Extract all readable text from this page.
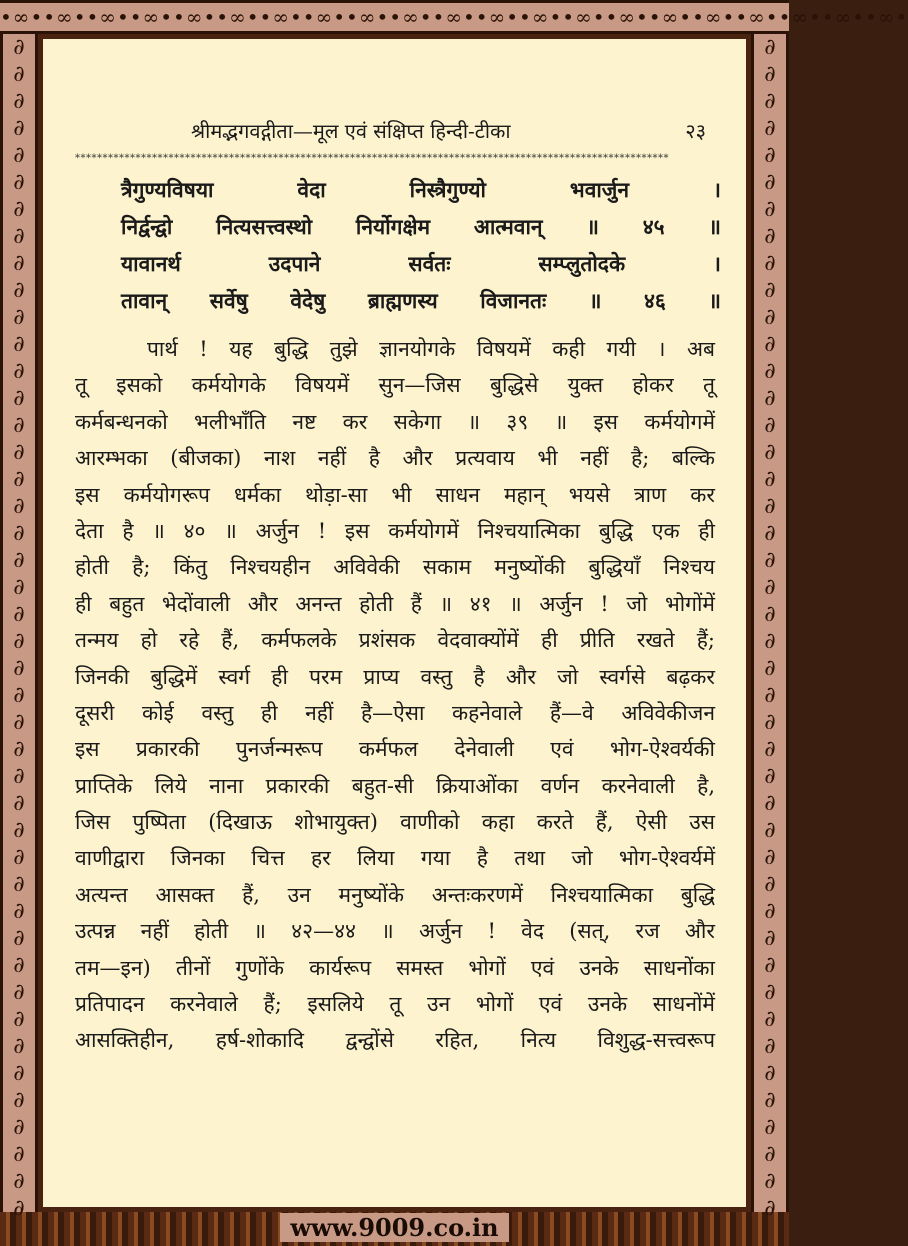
•∞••∞••∞••∞••∞••∞••∞••∞••∞••∞••∞••∞••∞••∞••∞••∞••∞••∞••∞••∞••∞•
∂
∂
∂
∂
∂
∂
∂
∂
∂
∂
∂
∂
∂
∂
∂
∂
∂
∂
∂
∂
∂
∂
∂
∂
∂
∂
∂
∂
∂
∂
∂
∂
∂
∂
∂
∂
∂
∂
∂
∂
∂
∂
∂
∂
∂
∂
∂
∂
∂
∂
∂
∂
∂
∂
∂
∂
∂
∂
∂
∂
∂
∂
∂
∂
∂
∂
∂
∂
∂
∂
∂
∂
∂
∂
∂
∂
∂
∂
∂
∂
∂
∂
∂
∂
∂
∂
∂
∂
श्रीमद्भगवद्गीता—मूल एवं संक्षिप्त हिन्दी-टीका	२३
************************************************************************************************************
त्रैगुण्यविषया वेदा निस्त्रैगुण्यो भवार्जुन ।
निर्द्वन्द्वो नित्यसत्त्वस्थो निर्योगक्षेम आत्मवान् ॥ ४५ ॥
यावानर्थ उदपाने सर्वतः सम्प्लुतोदके ।
तावान् सर्वेषु वेदेषु ब्राह्मणस्य विजानतः ॥ ४६ ॥
पार्थ ! यह बुद्धि तुझे ज्ञानयोगके विषयमें कही गयी । अब
तू इसको कर्मयोगके विषयमें सुन—जिस बुद्धिसे युक्त होकर तू
कर्मबन्धनको भलीभाँति नष्ट कर सकेगा ॥ ३९ ॥ इस कर्मयोगमें
आरम्भका (बीजका) नाश नहीं है और प्रत्यवाय भी नहीं है; बल्कि
इस कर्मयोगरूप धर्मका थोड़ा-सा भी साधन महान् भयसे त्राण कर
देता है ॥ ४० ॥ अर्जुन ! इस कर्मयोगमें निश्चयात्मिका बुद्धि एक ही
होती है; किंतु निश्चयहीन अविवेकी सकाम मनुष्योंकी बुद्धियाँ निश्चय
ही बहुत भेदोंवाली और अनन्त होती हैं ॥ ४१ ॥ अर्जुन ! जो भोगोंमें
तन्मय हो रहे हैं, कर्मफलके प्रशंसक वेदवाक्योंमें ही प्रीति रखते हैं;
जिनकी बुद्धिमें स्वर्ग ही परम प्राप्य वस्तु है और जो स्वर्गसे बढ़कर
दूसरी कोई वस्तु ही नहीं है—ऐसा कहनेवाले हैं—वे अविवेकीजन
इस प्रकारकी पुनर्जन्मरूप कर्मफल देनेवाली एवं भोग-ऐश्वर्यकी
प्राप्तिके लिये नाना प्रकारकी बहुत-सी क्रियाओंका वर्णन करनेवाली है,
जिस पुष्पिता (दिखाऊ शोभायुक्त) वाणीको कहा करते हैं, ऐसी उस
वाणीद्वारा जिनका चित्त हर लिया गया है तथा जो भोग-ऐश्वर्यमें
अत्यन्त आसक्त हैं, उन मनुष्योंके अन्तःकरणमें निश्चयात्मिका बुद्धि
उत्पन्न नहीं होती ॥ ४२—४४ ॥ अर्जुन ! वेद (सत्, रज और
तम—इन) तीनों गुणोंके कार्यरूप समस्त भोगों एवं उनके साधनोंका
प्रतिपादन करनेवाले हैं; इसलिये तू उन भोगों एवं उनके साधनोंमें
आसक्तिहीन, हर्ष-शोकादि द्वन्द्वोंसे रहित, नित्य विशुद्ध-सत्त्वरूप
www.9009.co.in
